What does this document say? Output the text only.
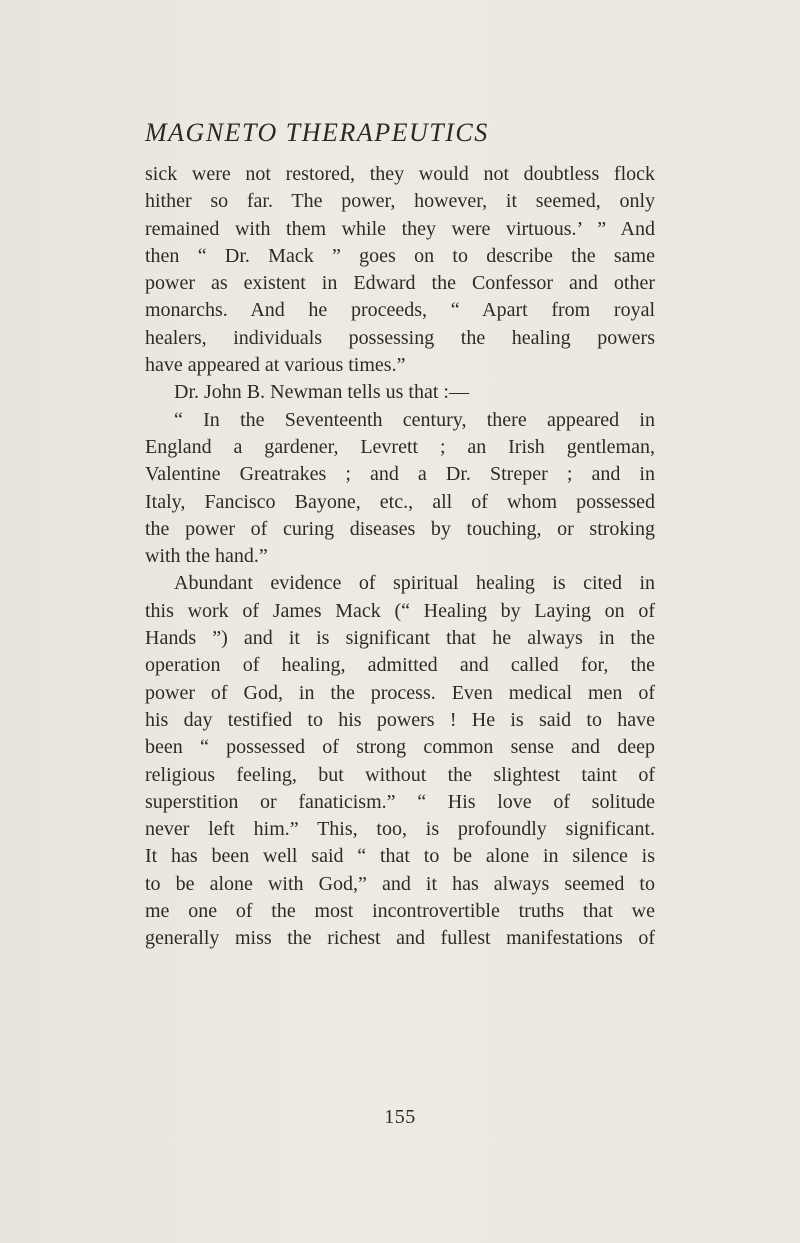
MAGNETO THERAPEUTICS
sick were not restored, they would not doubtless flock
hither so far. The power, however, it seemed, only
remained with them while they were virtuous.’ ” And
then “ Dr. Mack ” goes on to describe the same
power as existent in Edward the Confessor and other
monarchs. And he proceeds, “ Apart from royal
healers, individuals possessing the healing powers
have appeared at various times.”
Dr. John B. Newman tells us that :—
“ In the Seventeenth century, there appeared in
England a gardener, Levrett ; an Irish gentleman,
Valentine Greatrakes ; and a Dr. Streper ; and in
Italy, Fancisco Bayone, etc., all of whom possessed
the power of curing diseases by touching, or stroking
with the hand.”
Abundant evidence of spiritual healing is cited in
this work of James Mack (“ Healing by Laying on of
Hands ”) and it is significant that he always in the
operation of healing, admitted and called for, the
power of God, in the process. Even medical men of
his day testified to his powers ! He is said to have
been “ possessed of strong common sense and deep
religious feeling, but without the slightest taint of
superstition or fanaticism.” “ His love of solitude
never left him.” This, too, is profoundly significant.
It has been well said “ that to be alone in silence is
to be alone with God,” and it has always seemed to
me one of the most incontrovertible truths that we
generally miss the richest and fullest manifestations of
155
